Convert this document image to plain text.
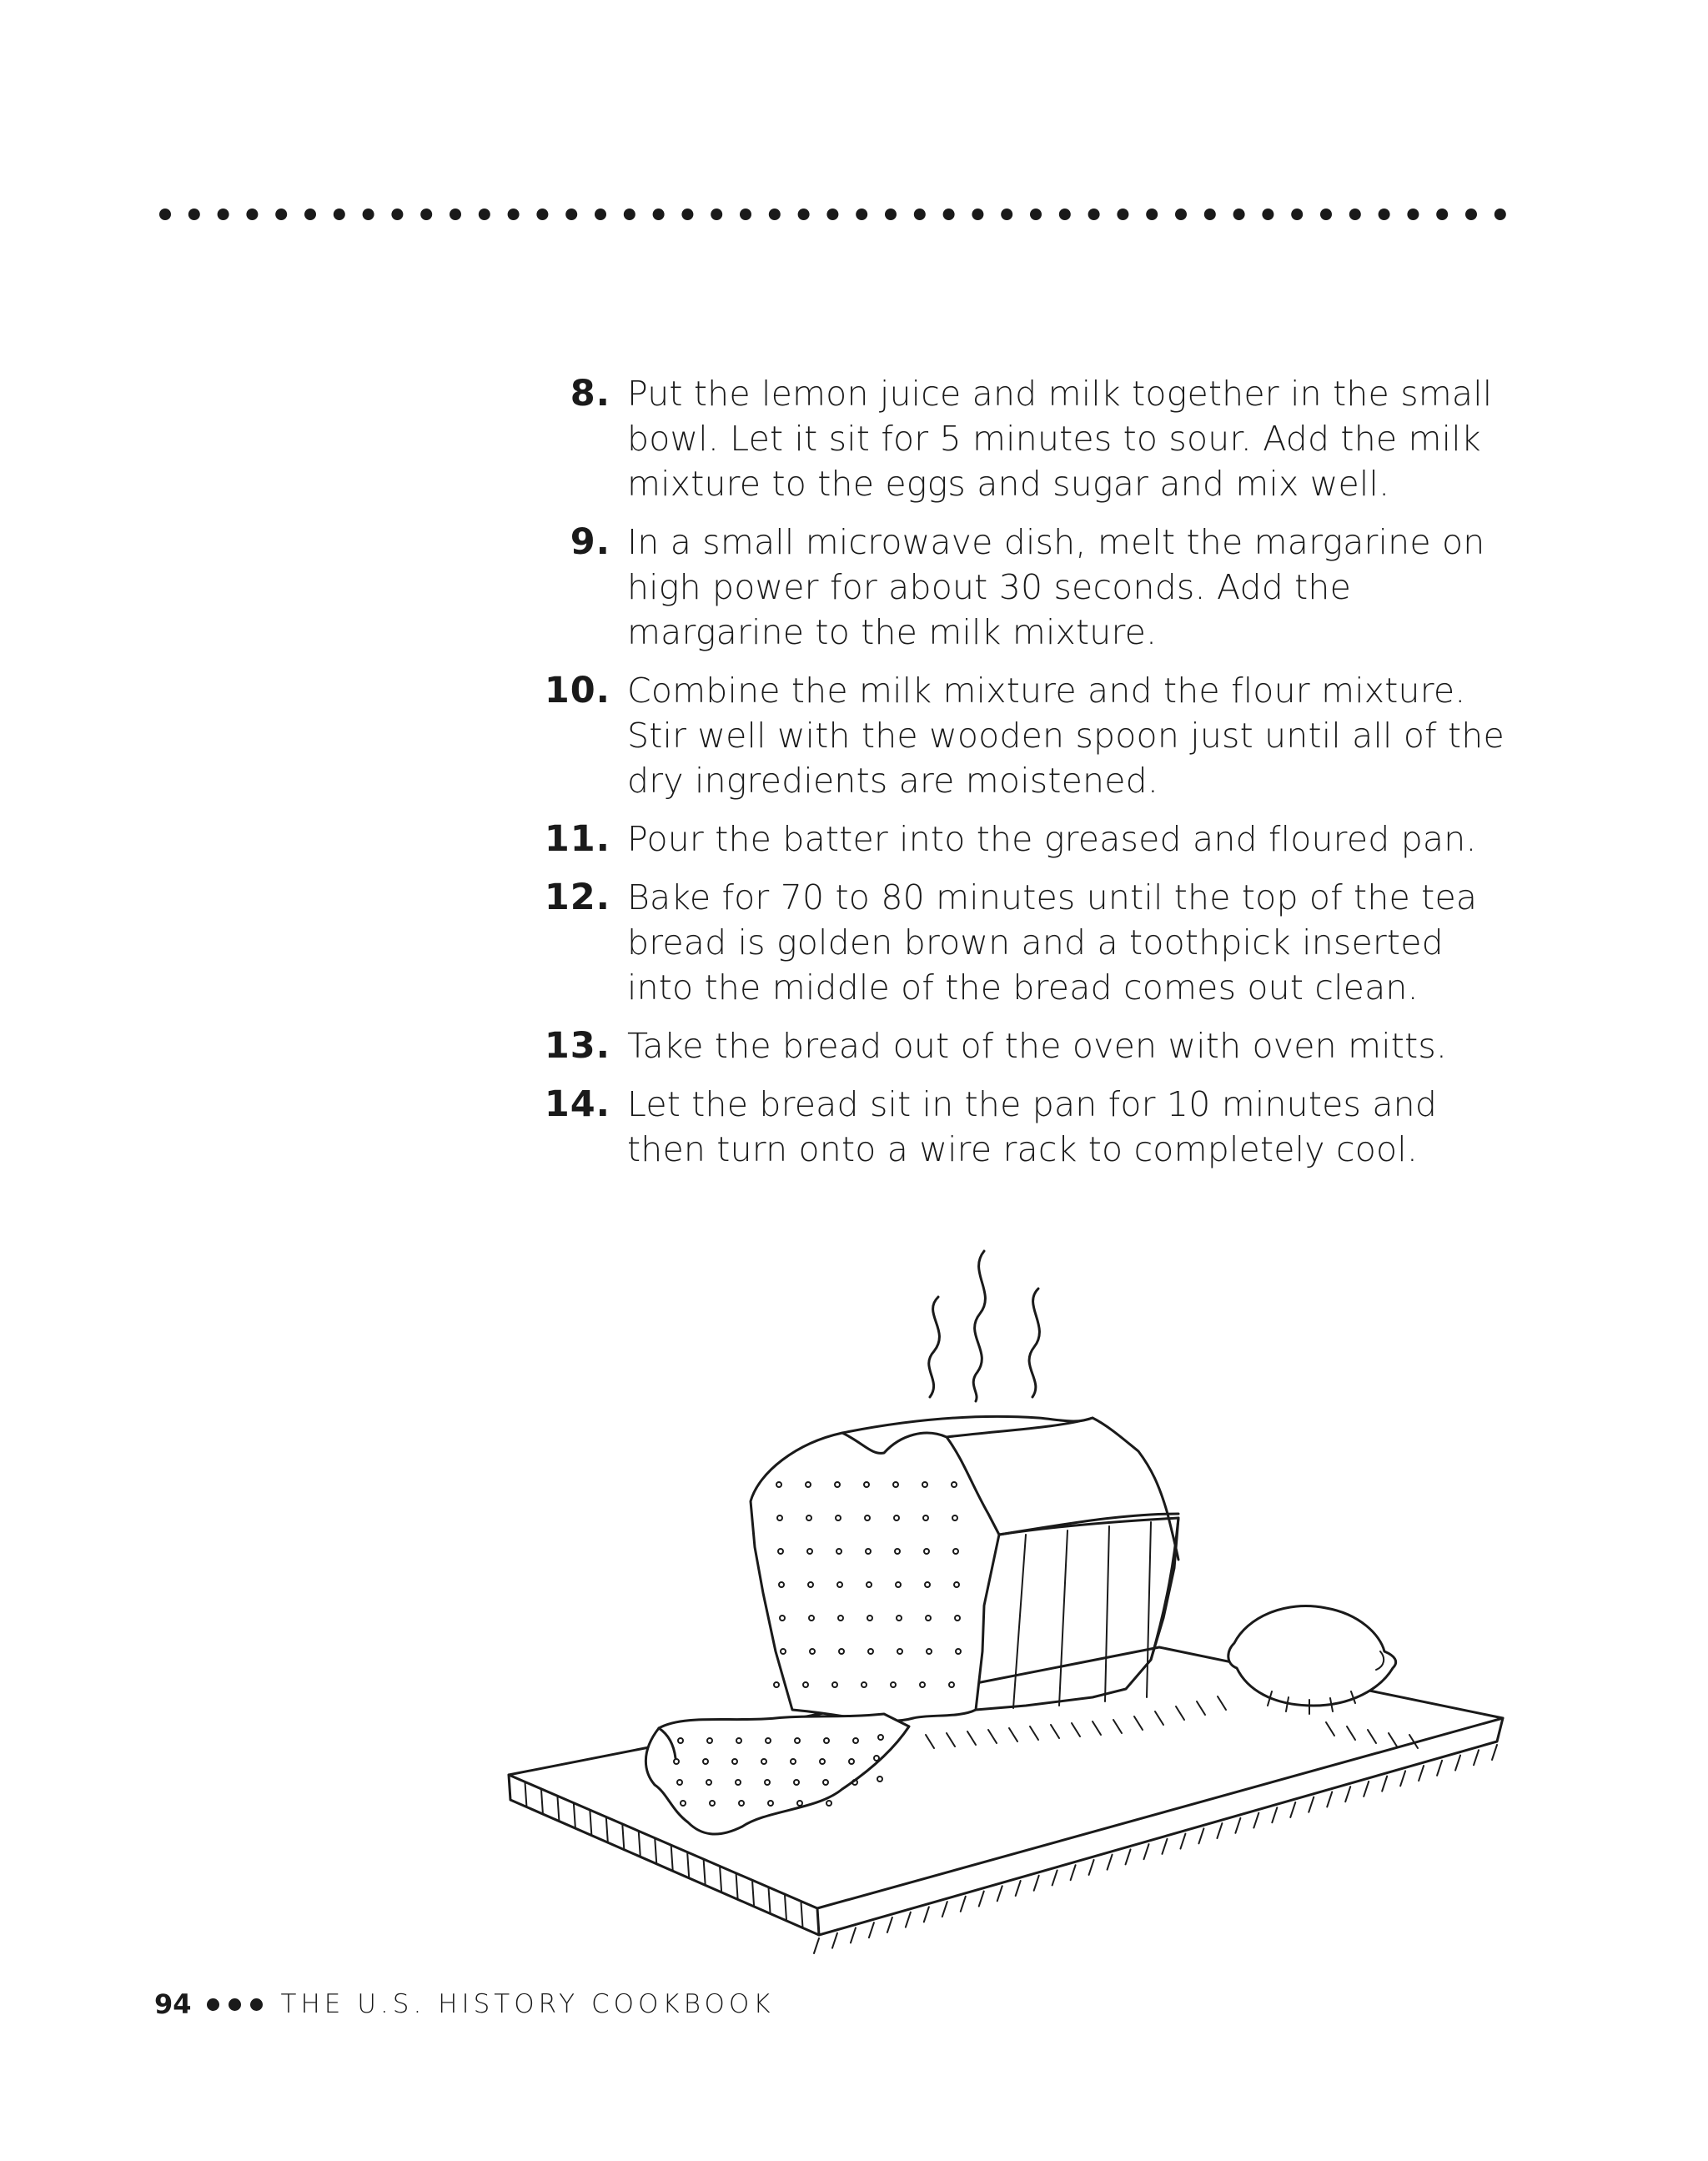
8. Put the lemon juice and milk together in the small bowl. Let it sit for 5 minutes to sour. Add the milk mixture to the eggs and sugar and mix well.
9. In a small microwave dish, melt the margarine on high power for about 30 seconds. Add the margarine to the milk mixture.
10. Combine the milk mixture and the flour mixture. Stir well with the wooden spoon just until all of the dry ingredients are moistened.
11. Pour the batter into the greased and floured pan.
12. Bake for 70 to 80 minutes until the top of the tea bread is golden brown and a toothpick inserted into the middle of the bread comes out clean.
13. Take the bread out of the oven with oven mitts.
14. Let the bread sit in the pan for 10 minutes and then turn onto a wire rack to completely cool.
94	THE U.S. HISTORY COOKBOOK
